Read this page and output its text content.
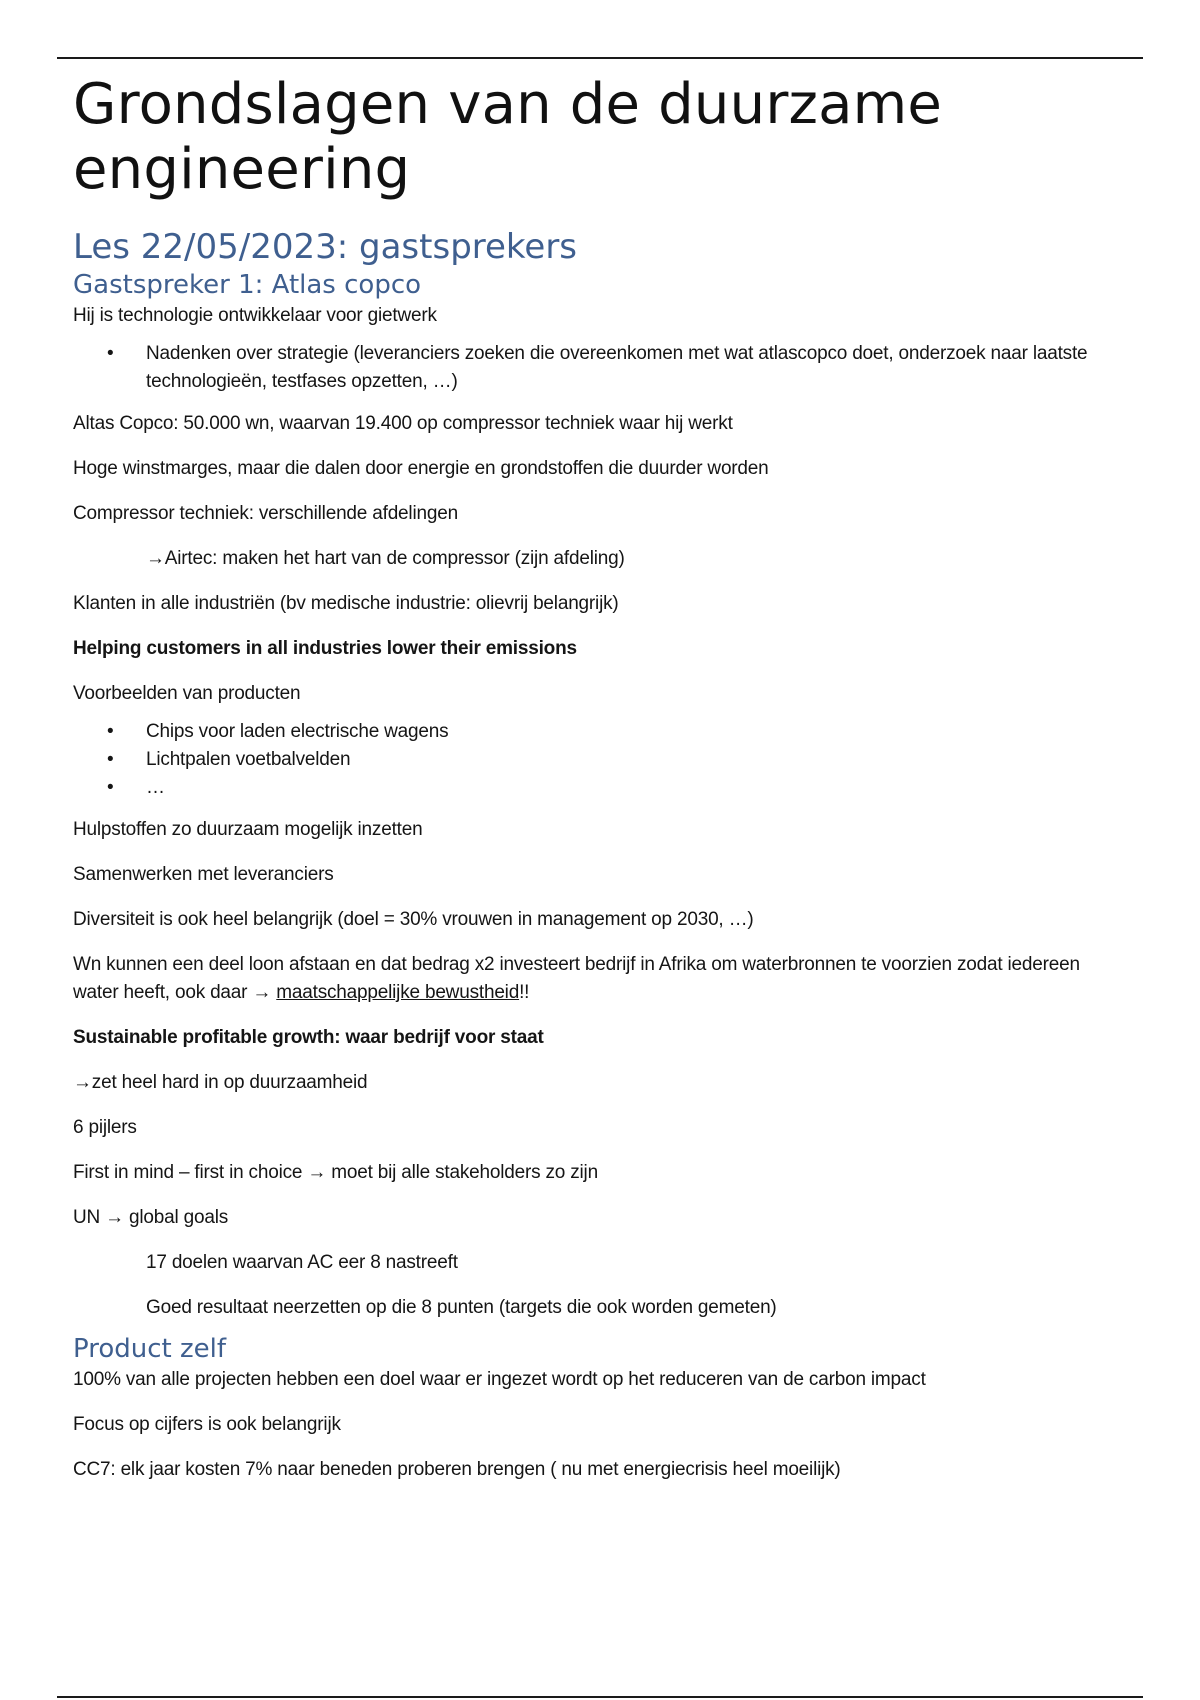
Grondslagen van de duurzame engineering
Les 22/05/2023: gastsprekers
Gastspreker 1: Atlas copco

Hij is technologie ontwikkelaar voor gietwerk

• Nadenken over strategie (leveranciers zoeken die overeenkomen met wat atlascopco doet, onderzoek naar laatste technologieën, testfases opzetten, …)

Altas Copco: 50.000 wn, waarvan 19.400 op compressor techniek waar hij werkt

Hoge winstmarges, maar die dalen door energie en grondstoffen die duurder worden

Compressor techniek: verschillende afdelingen

→Airtec: maken het hart van de compressor (zijn afdeling)

Klanten in alle industriën (bv medische industrie: olievrij belangrijk)

Helping customers in all industries lower their emissions

Voorbeelden van producten

• Chips voor laden electrische wagens
• Lichtpalen voetbalvelden
• …

Hulpstoffen zo duurzaam mogelijk inzetten

Samenwerken met leveranciers

Diversiteit is ook heel belangrijk (doel = 30% vrouwen in management op 2030, …)

Wn kunnen een deel loon afstaan en dat bedrag x2 investeert bedrijf in Afrika om waterbronnen te voorzien zodat iedereen water heeft, ook daar → maatschappelijke bewustheid!!

Sustainable profitable growth: waar bedrijf voor staat

→zet heel hard in op duurzaamheid

6 pijlers

First in mind – first in choice → moet bij alle stakeholders zo zijn

UN → global goals

17 doelen waarvan AC eer 8 nastreeft

Goed resultaat neerzetten op die 8 punten (targets die ook worden gemeten)

Product zelf

100% van alle projecten hebben een doel waar er ingezet wordt op het reduceren van de carbon impact

Focus op cijfers is ook belangrijk

CC7: elk jaar kosten 7% naar beneden proberen brengen ( nu met energiecrisis heel moeilijk)
